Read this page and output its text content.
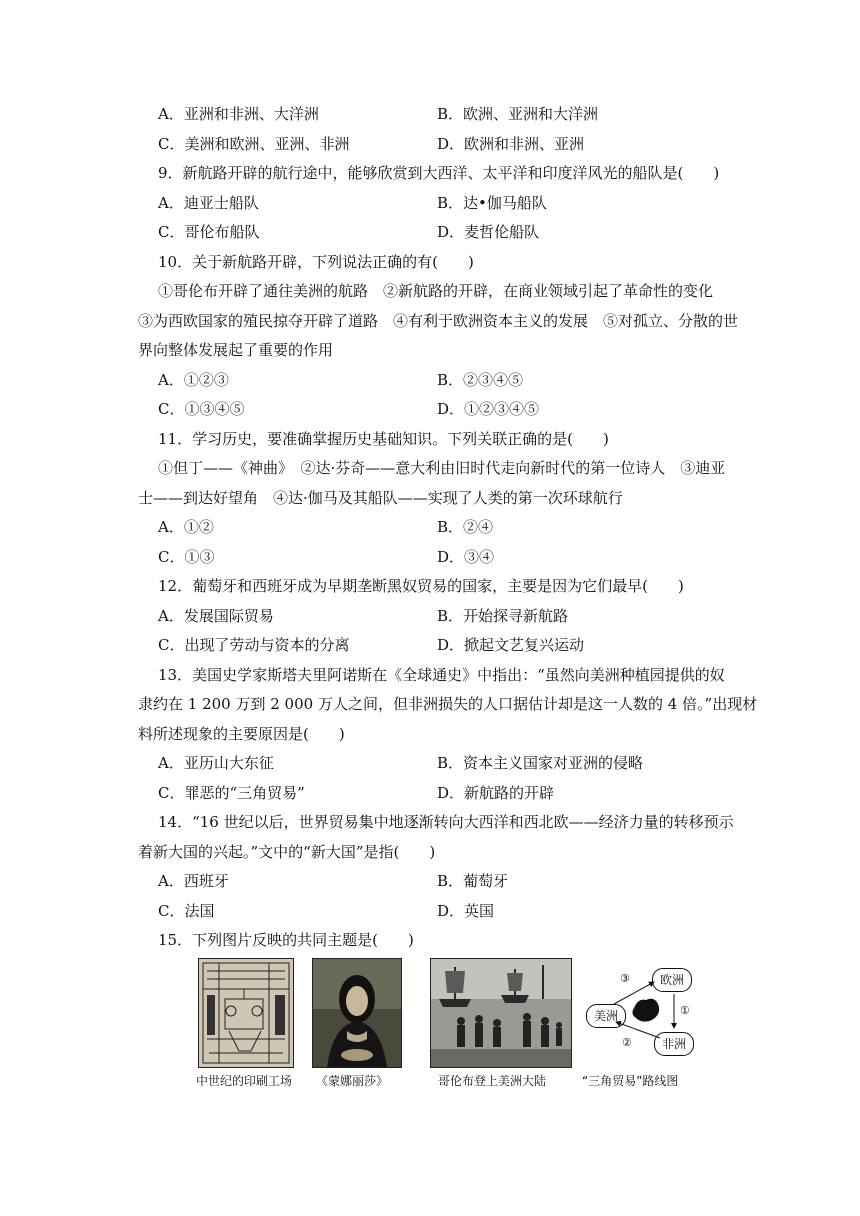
A．亚洲和非洲、大洋洲	B．欧洲、亚洲和大洋洲
C．美洲和欧洲、亚洲、非洲	D．欧洲和非洲、亚洲
9．新航路开辟的航行途中，能够欣赏到大西洋、太平洋和印度洋风光的船队是(　　)
A．迪亚士船队	B．达•伽马船队
C．哥伦布船队	D．麦哲伦船队
10．关于新航路开辟，下列说法正确的有(　　)
①哥伦布开辟了通往美洲的航路　②新航路的开辟，在商业领域引起了革命性的变化
③为西欧国家的殖民掠夺开辟了道路　④有利于欧洲资本主义的发展　⑤对孤立、分散的世
界向整体发展起了重要的作用
A．①②③	B．②③④⑤
C．①③④⑤	D．①②③④⑤
11．学习历史，要准确掌握历史基础知识。下列关联正确的是(　　)
①但丁——《神曲》　②达·芬奇——意大利由旧时代走向新时代的第一位诗人　③迪亚
士——到达好望角　④达·伽马及其船队——实现了人类的第一次环球航行
A．①②	B．②④
C．①③	D．③④
12．葡萄牙和西班牙成为早期垄断黑奴贸易的国家，主要是因为它们最早(　　)
A．发展国际贸易	B．开始探寻新航路
C．出现了劳动与资本的分离	D．掀起文艺复兴运动
13．美国史学家斯塔夫里阿诺斯在《全球通史》中指出：“虽然向美洲种植园提供的奴
隶约在 1 200 万到 2 000 万人之间，但非洲损失的人口据估计却是这一人数的 4 倍。”出现材
料所述现象的主要原因是(　　)
A．亚历山大东征	B．资本主义国家对亚洲的侵略
C．罪恶的“三角贸易”	D．新航路的开辟
14．“16 世纪以后，世界贸易集中地逐渐转向大西洋和西北欧——经济力量的转移预示
着新大国的兴起。”文中的“新大国”是指(　　)
A．西班牙	B．葡萄牙
C．法国	D．英国
15．下列图片反映的共同主题是(　　)
中世纪的印刷工场 《蒙娜丽莎》	哥伦布登上美洲大陆
欧洲
美洲
非洲
①
②
③
“三角贸易”路线图
